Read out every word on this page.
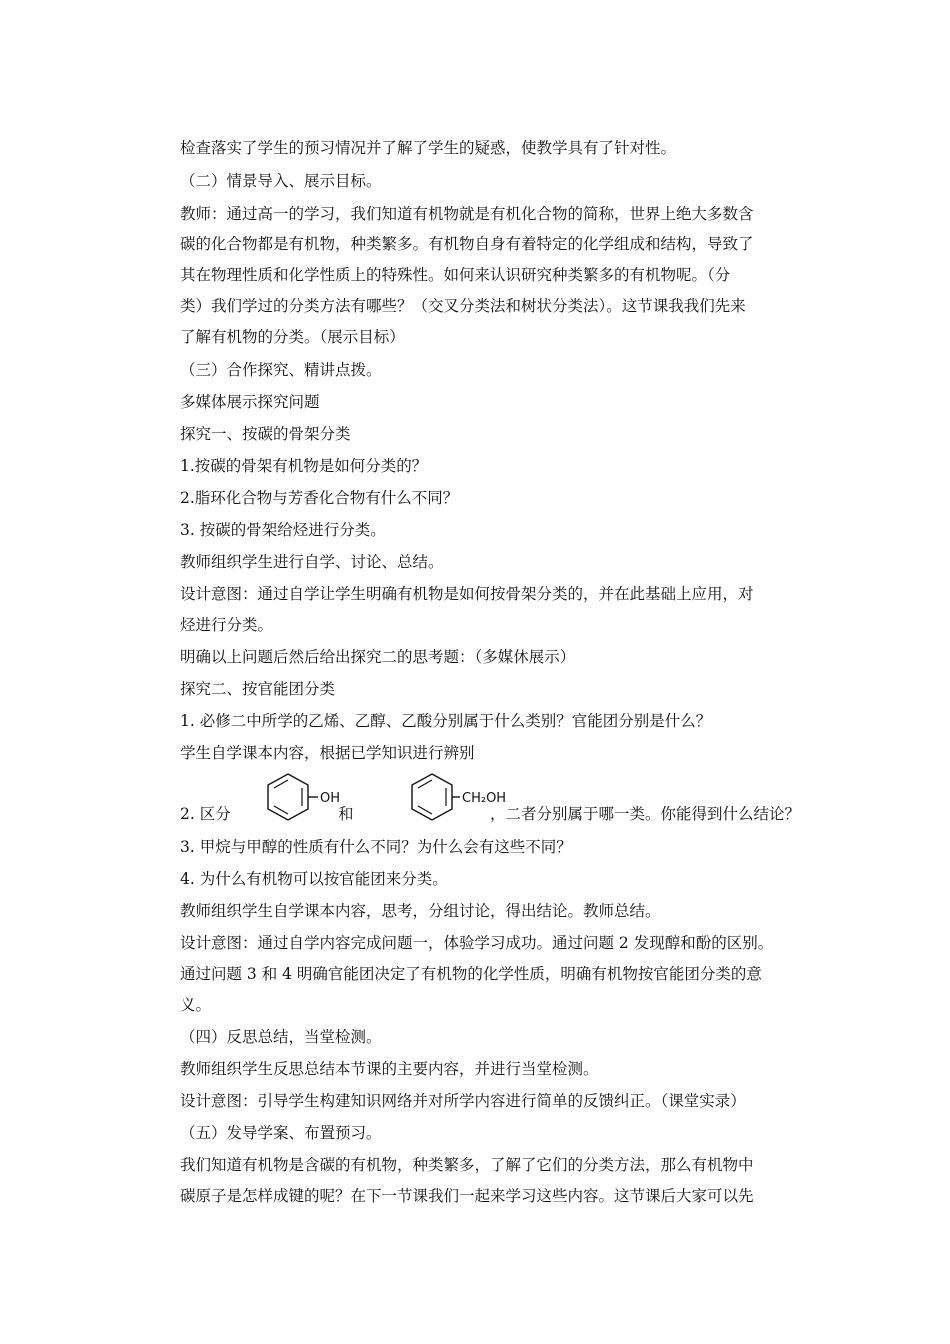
检查落实了学生的预习情况并了解了学生的疑惑，使教学具有了针对性。
（二）情景导入、展示目标。
教师：通过高一的学习，我们知道有机物就是有机化合物的简称，世界上绝大多数含
碳的化合物都是有机物，种类繁多。有机物自身有着特定的化学组成和结构，导致了
其在物理性质和化学性质上的特殊性。如何来认识研究种类繁多的有机物呢。（分
类）我们学过的分类方法有哪些？（交叉分类法和树状分类法）。这节课我我们先来
了解有机物的分类。（展示目标）
（三）合作探究、精讲点拨。
多媒体展示探究问题
探究一、按碳的骨架分类
1.按碳的骨架有机物是如何分类的？
2.脂环化合物与芳香化合物有什么不同？
3. 按碳的骨架给烃进行分类。
教师组织学生进行自学、讨论、总结。
设计意图：通过自学让学生明确有机物是如何按骨架分类的，并在此基础上应用，对
烃进行分类。
明确以上问题后然后给出探究二的思考题：（多媒休展示）
探究二、按官能团分类
1. 必修二中所学的乙烯、乙醇、乙酸分别属于什么类别？官能团分别是什么？
学生自学课本内容，根据已学知识进行辨别
2. 区分
OH
和
CH₂OH
，二者分别属于哪一类。你能得到什么结论？
3. 甲烷与甲醇的性质有什么不同？为什么会有这些不同？
4. 为什么有机物可以按官能团来分类。
教师组织学生自学课本内容，思考，分组讨论，得出结论。教师总结。
设计意图：通过自学内容完成问题一，体验学习成功。通过问题 2 发现醇和酚的区别。
通过问题 3 和 4 明确官能团决定了有机物的化学性质，明确有机物按官能团分类的意
义。
（四）反思总结，当堂检测。
教师组织学生反思总结本节课的主要内容，并进行当堂检测。
设计意图：引导学生构建知识网络并对所学内容进行简单的反馈纠正。（课堂实录）
（五）发导学案、布置预习。
我们知道有机物是含碳的有机物，种类繁多，了解了它们的分类方法，那么有机物中
碳原子是怎样成键的呢？在下一节课我们一起来学习这些内容。这节课后大家可以先
